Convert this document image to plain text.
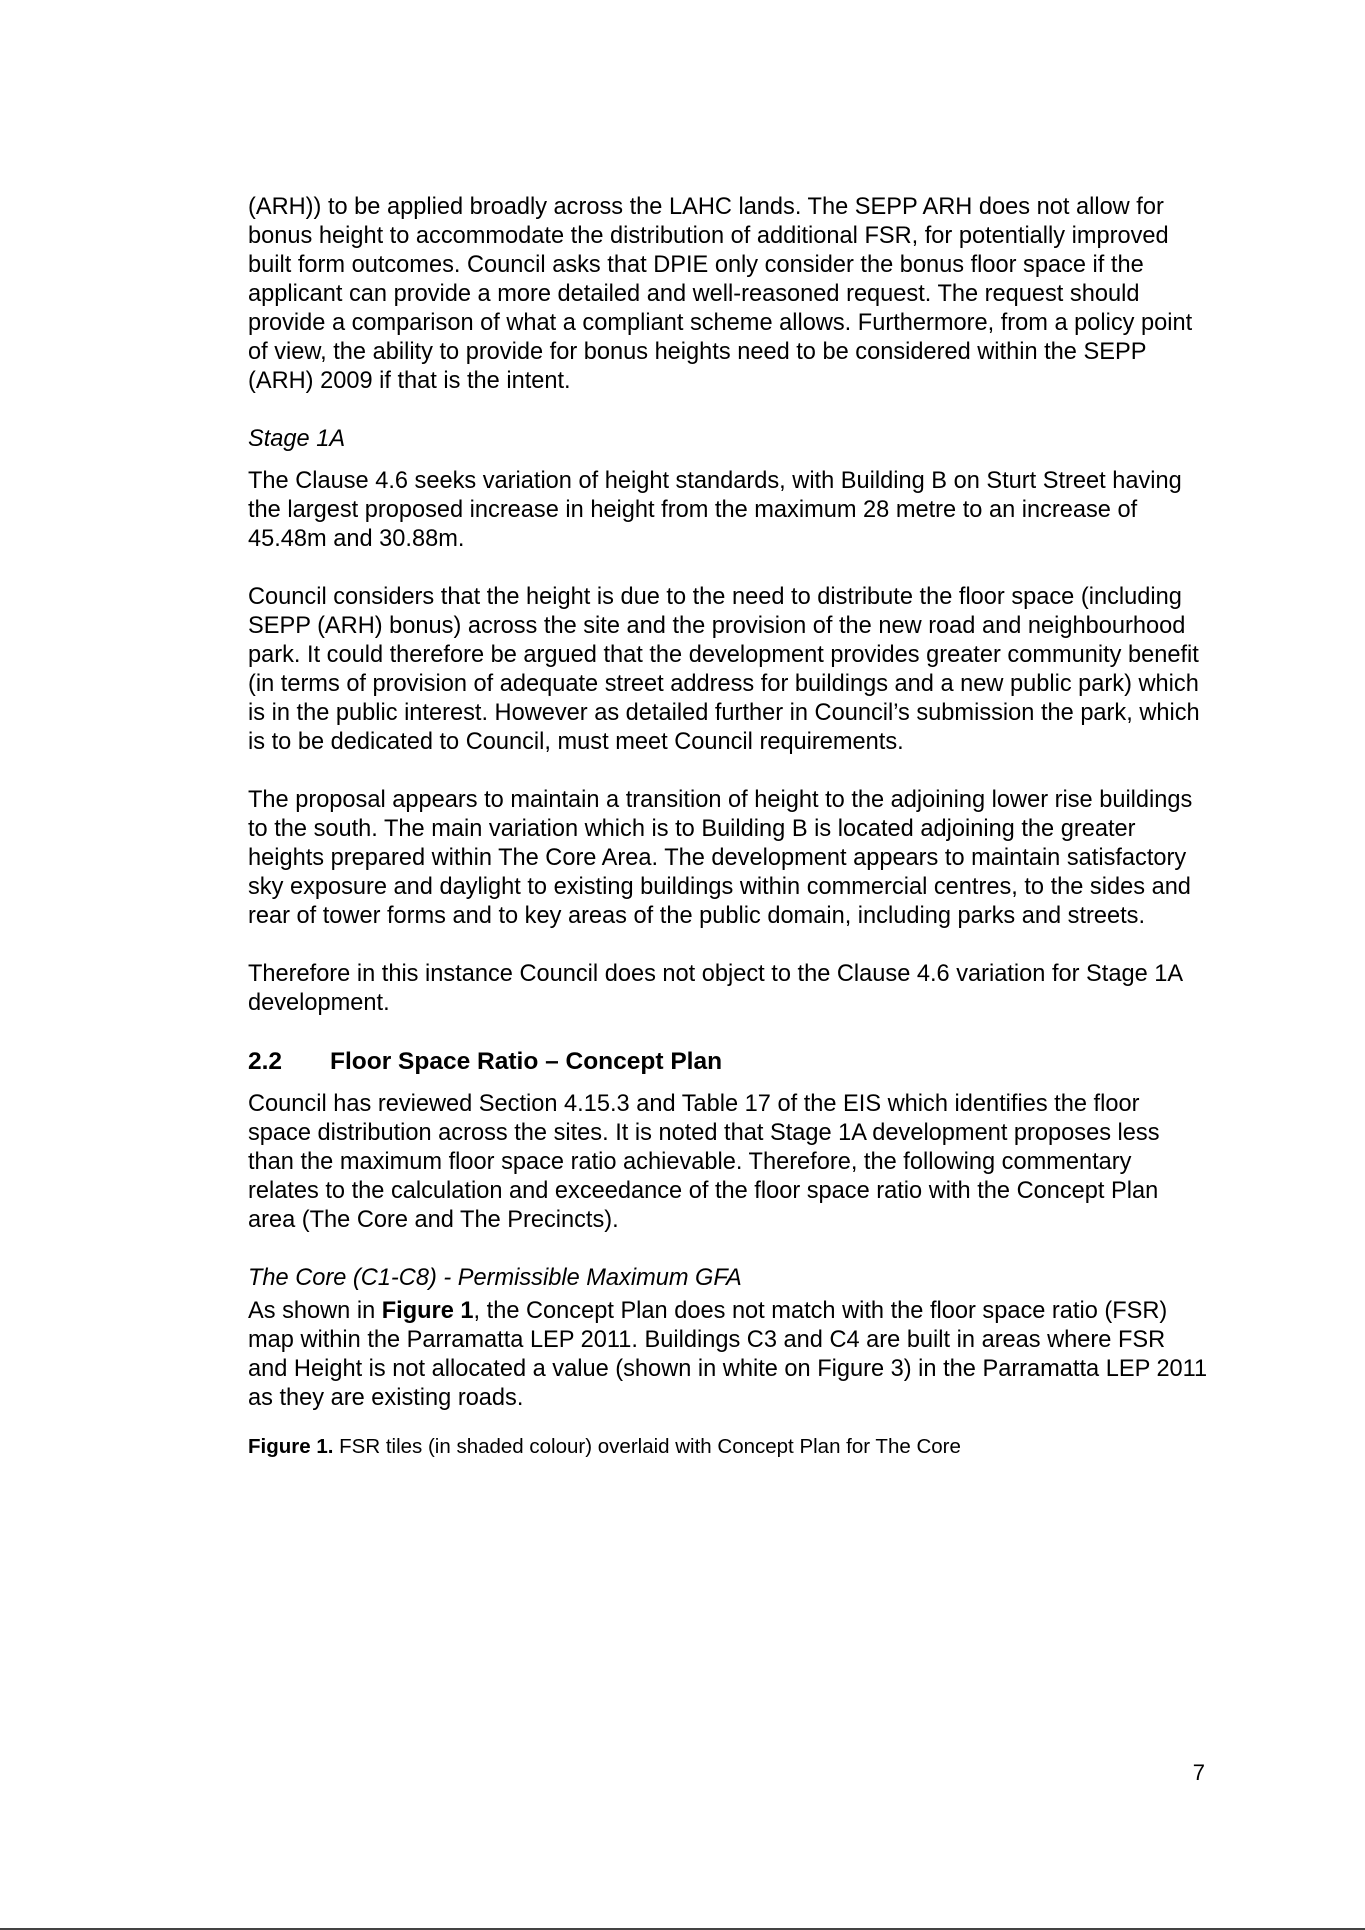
(ARH)) to be applied broadly across the LAHC lands. The SEPP ARH does not allow for bonus height to accommodate the distribution of additional FSR, for potentially improved built form outcomes. Council asks that DPIE only consider the bonus floor space if the applicant can provide a more detailed and well-reasoned request. The request should provide a comparison of what a compliant scheme allows. Furthermore, from a policy point of view, the ability to provide for bonus heights need to be considered within the SEPP (ARH) 2009 if that is the intent.

Stage 1A

The Clause 4.6 seeks variation of height standards, with Building B on Sturt Street having the largest proposed increase in height from the maximum 28 metre to an increase of 45.48m and 30.88m.

Council considers that the height is due to the need to distribute the floor space (including SEPP (ARH) bonus) across the site and the provision of the new road and neighbourhood park. It could therefore be argued that the development provides greater community benefit (in terms of provision of adequate street address for buildings and a new public park) which is in the public interest. However as detailed further in Council’s submission the park, which is to be dedicated to Council, must meet Council requirements.

The proposal appears to maintain a transition of height to the adjoining lower rise buildings to the south. The main variation which is to Building B is located adjoining the greater heights prepared within The Core Area. The development appears to maintain satisfactory sky exposure and daylight to existing buildings within commercial centres, to the sides and rear of tower forms and to key areas of the public domain, including parks and streets.

Therefore in this instance Council does not object to the Clause 4.6 variation for Stage 1A development.

2.2	Floor Space Ratio – Concept Plan

Council has reviewed Section 4.15.3 and Table 17 of the EIS which identifies the floor space distribution across the sites. It is noted that Stage 1A development proposes less than the maximum floor space ratio achievable. Therefore, the following commentary relates to the calculation and exceedance of the floor space ratio with the Concept Plan area (The Core and The Precincts).

The Core (C1-C8) - Permissible Maximum GFA

As shown in Figure 1, the Concept Plan does not match with the floor space ratio (FSR) map within the Parramatta LEP 2011. Buildings C3 and C4 are built in areas where FSR and Height is not allocated a value (shown in white on Figure 3) in the Parramatta LEP 2011 as they are existing roads.

Figure 1. FSR tiles (in shaded colour) overlaid with Concept Plan for The Core

7
